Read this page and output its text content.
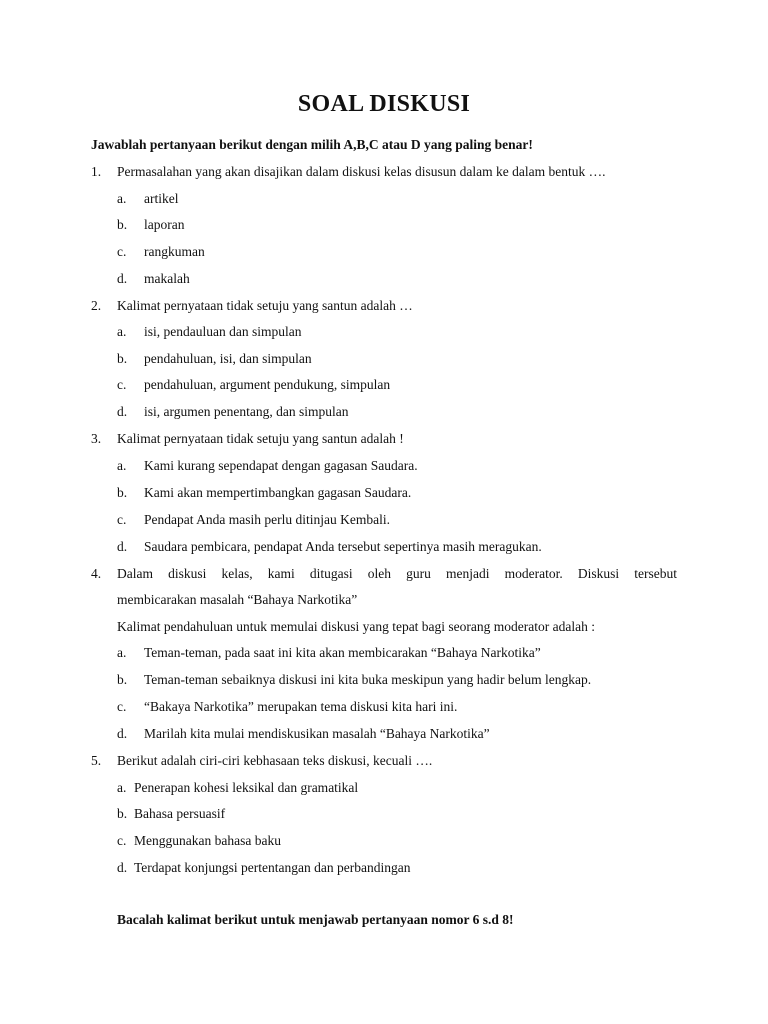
SOAL DISKUSI
Jawablah pertanyaan berikut dengan milih A,B,C atau D yang paling benar!
1. Permasalahan yang akan disajikan dalam diskusi kelas disusun dalam ke dalam bentuk ….
a. artikel
b. laporan
c. rangkuman
d. makalah
2. Kalimat pernyataan tidak setuju yang santun adalah …
a. isi, pendauluan dan simpulan
b. pendahuluan, isi, dan simpulan
c. pendahuluan, argument pendukung, simpulan
d. isi, argumen penentang, dan simpulan
3. Kalimat pernyataan tidak setuju yang santun adalah !
a. Kami kurang sependapat dengan gagasan Saudara.
b. Kami akan mempertimbangkan gagasan Saudara.
c. Pendapat Anda masih perlu ditinjau Kembali.
d. Saudara pembicara, pendapat Anda tersebut sepertinya masih meragukan.
4. Dalam diskusi kelas, kami ditugasi oleh guru menjadi moderator. Diskusi tersebut
membicarakan masalah “Bahaya Narkotika”
Kalimat pendahuluan untuk memulai diskusi yang tepat bagi seorang moderator adalah :
a. Teman-teman, pada saat ini kita akan membicarakan “Bahaya Narkotika”
b. Teman-teman sebaiknya diskusi ini kita buka meskipun yang hadir belum lengkap.
c. “Bakaya Narkotika” merupakan tema diskusi kita hari ini.
d. Marilah kita mulai mendiskusikan masalah “Bahaya Narkotika”
5. Berikut adalah ciri-ciri kebhasaan teks diskusi, kecuali ….
a. Penerapan kohesi leksikal dan gramatikal
b. Bahasa persuasif
c. Menggunakan bahasa baku
d. Terdapat konjungsi pertentangan dan perbandingan
Bacalah kalimat berikut untuk menjawab pertanyaan nomor 6 s.d 8!
